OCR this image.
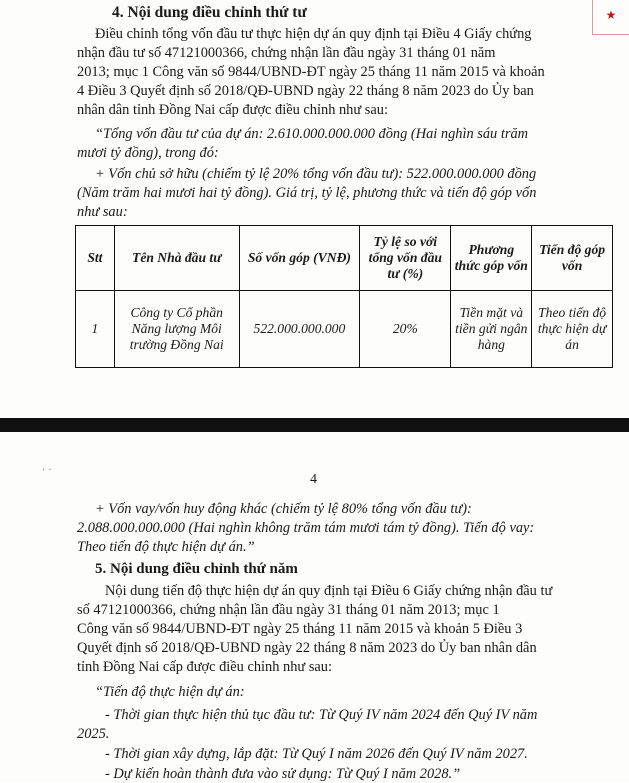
★
4. Nội dung điều chỉnh thứ tư
Điều chỉnh tổng vốn đầu tư thực hiện dự án quy định tại Điều 4 Giấy chứng
nhận đầu tư số 47121000366, chứng nhận lần đầu ngày 31 tháng 01 năm
2013; mục 1 Công văn số 9844/UBND-ĐT ngày 25 tháng 11 năm 2015 và khoản
4 Điều 3 Quyết định số 2018/QĐ-UBND ngày 22 tháng 8 năm 2023 do Ủy ban
nhân dân tỉnh Đồng Nai cấp được điều chỉnh như sau:
“Tổng vốn đầu tư của dự án: 2.610.000.000.000 đồng (Hai nghìn sáu trăm
mươi tỷ đồng), trong đó:
+ Vốn chủ sở hữu (chiếm tỷ lệ 20% tổng vốn đầu tư): 522.000.000.000 đồng
(Năm trăm hai mươi hai tỷ đồng). Giá trị, tỷ lệ, phương thức và tiến độ góp vốn
như sau:
Stt	Tên Nhà đầu tư	Số vốn góp (VNĐ)	Tỷ lệ so với tổng vốn đầu tư (%)	Phương thức góp vốn	Tiến độ góp vốn
1	Công ty Cổ phần Năng lượng Môi trường Đồng Nai	522.000.000.000	20%	Tiền mặt và tiền gửi ngân hàng	Theo tiến độ thực hiện dự án
. .
4
+ Vốn vay/vốn huy động khác (chiếm tỷ lệ 80% tổng vốn đầu tư):
2.088.000.000.000 (Hai nghìn không trăm tám mươi tám tỷ đồng). Tiến độ vay:
Theo tiến độ thực hiện dự án.”
5. Nội dung điều chỉnh thứ năm
Nội dung tiến độ thực hiện dự án quy định tại Điều 6 Giấy chứng nhận đầu tư
số 47121000366, chứng nhận lần đầu ngày 31 tháng 01 năm 2013; mục 1
Công văn số 9844/UBND-ĐT ngày 25 tháng 11 năm 2015 và khoản 5 Điều 3
Quyết định số 2018/QĐ-UBND ngày 22 tháng 8 năm 2023 do Ủy ban nhân dân
tỉnh Đồng Nai cấp được điều chỉnh như sau:
“Tiến độ thực hiện dự án:
- Thời gian thực hiện thủ tục đầu tư: Từ Quý IV năm 2024 đến Quý IV năm
2025.
- Thời gian xây dựng, lắp đặt: Từ Quý I năm 2026 đến Quý IV năm 2027.
- Dự kiến hoàn thành đưa vào sử dụng: Từ Quý I năm 2028.”
